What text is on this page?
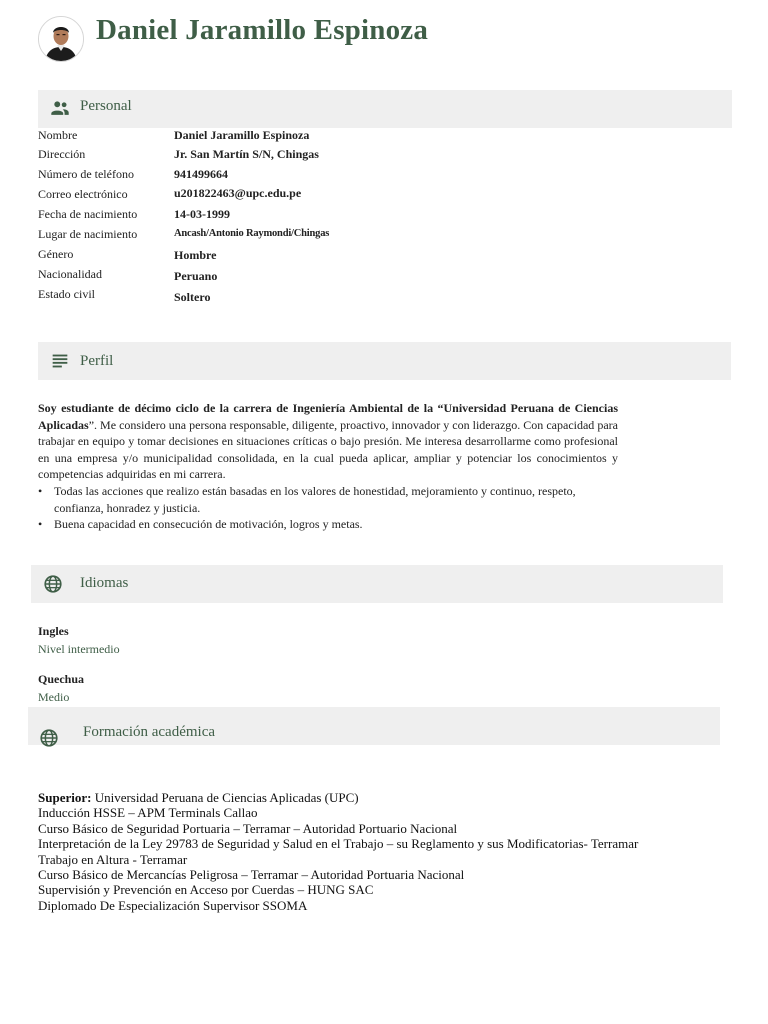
Daniel Jaramillo Espinoza
Personal
Nombre	Daniel Jaramillo Espinoza
Dirección	Jr. San Martín S/N, Chingas
Número de teléfono	941499664
Correo electrónico	u201822463@upc.edu.pe
Fecha de nacimiento	14-03-1999
Lugar de nacimiento	Ancash/Antonio Raymondi/Chingas
Género	Hombre
Nacionalidad	Peruano
Estado civil	Soltero
Perfil
Soy estudiante de décimo ciclo de la carrera de Ingeniería Ambiental de la “Universidad Peruana de Ciencias Aplicadas”. Me considero una persona responsable, diligente, proactivo, innovador y con liderazgo. Con capacidad para trabajar en equipo y tomar decisiones en situaciones críticas o bajo presión. Me interesa desarrollarme como profesional en una empresa y/o municipalidad consolidada, en la cual pueda aplicar, ampliar y potenciar los conocimientos y competencias adquiridas en mi carrera.
• Todas las acciones que realizo están basadas en los valores de honestidad, mejoramiento y continuo, respeto, confianza, honradez y justicia.
• Buena capacidad en consecución de motivación, logros y metas.
Idiomas
Ingles
Nivel intermedio
Quechua
Medio
Formación académica
Superior: Universidad Peruana de Ciencias Aplicadas (UPC)
Inducción HSSE – APM Terminals Callao
Curso Básico de Seguridad Portuaria – Terramar – Autoridad Portuario Nacional
Interpretación de la Ley 29783 de Seguridad y Salud en el Trabajo – su Reglamento y sus Modificatorias- Terramar
Trabajo en Altura - Terramar
Curso Básico de Mercancías Peligrosa – Terramar – Autoridad Portuaria Nacional
Supervisión y Prevención en Acceso por Cuerdas – HUNG SAC
Diplomado De Especialización Supervisor SSOMA
